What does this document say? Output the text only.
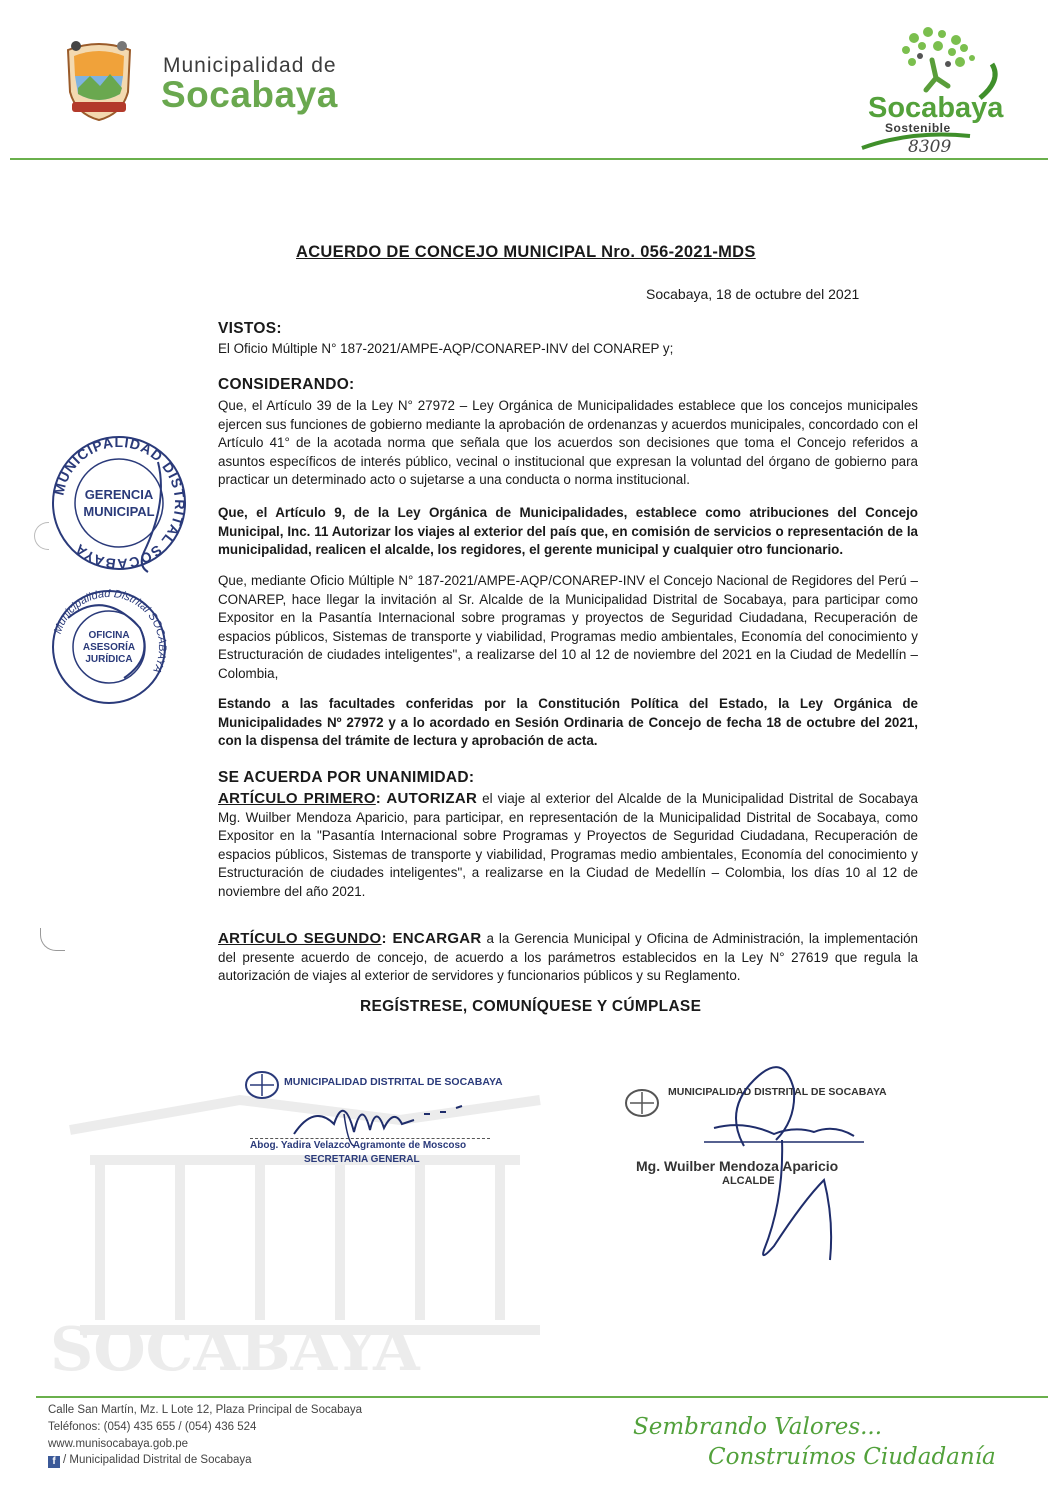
Municipalidad de
Socabaya	Socabaya
Sostenible
8309
SOCABAYA
ACUERDO DE CONCEJO MUNICIPAL Nro. 056-2021-MDS
Socabaya, 18 de octubre del 2021
VISTOS:
El Oficio Múltiple N° 187-2021/AMPE-AQP/CONAREP-INV del CONAREP y;
CONSIDERANDO:
Que, el Artículo 39 de la Ley N° 27972 – Ley Orgánica de Municipalidades establece que los concejos municipales ejercen sus funciones de gobierno mediante la aprobación de ordenanzas y acuerdos municipales, concordado con el Artículo 41° de la acotada norma que señala que los acuerdos son decisiones que toma el Concejo referidos a asuntos específicos de interés público, vecinal o institucional que expresan la voluntad del órgano de gobierno para practicar un determinado acto o sujetarse a una conducta o norma institucional.
Que, el Artículo 9, de la Ley Orgánica de Municipalidades, establece como atribuciones del Concejo Municipal, Inc. 11 Autorizar los viajes al exterior del país que, en comisión de servicios o representación de la municipalidad, realicen el alcalde, los regidores, el gerente municipal y cualquier otro funcionario.
Que, mediante Oficio Múltiple N° 187-2021/AMPE-AQP/CONAREP-INV el Concejo Nacional de Regidores del Perú – CONAREP, hace llegar la invitación al Sr. Alcalde de la Municipalidad Distrital de Socabaya, para participar como Expositor en la Pasantía Internacional sobre programas y proyectos de Seguridad Ciudadana, Recuperación de espacios públicos, Sistemas de transporte y viabilidad, Programas medio ambientales, Economía del conocimiento y Estructuración de ciudades inteligentes", a realizarse del 10 al 12 de noviembre del 2021 en la Ciudad de Medellín – Colombia,
Estando a las facultades conferidas por la Constitución Política del Estado, la Ley Orgánica de Municipalidades Nº 27972 y a lo acordado en Sesión Ordinaria de Concejo de fecha 18 de octubre del 2021, con la dispensa del trámite de lectura y aprobación de acta.
SE ACUERDA POR UNANIMIDAD:
ARTÍCULO PRIMERO: AUTORIZAR el viaje al exterior del Alcalde de la Municipalidad Distrital de Socabaya Mg. Wuilber Mendoza Aparicio, para participar, en representación de la Municipalidad Distrital de Socabaya, como Expositor en la "Pasantía Internacional sobre Programas y Proyectos de Seguridad Ciudadana, Recuperación de espacios públicos, Sistemas de transporte y viabilidad, Programas medio ambientales, Economía del conocimiento y Estructuración de ciudades inteligentes", a realizarse en la Ciudad de Medellín – Colombia, los días 10 al 12 de noviembre del año 2021.
ARTÍCULO SEGUNDO: ENCARGAR a la Gerencia Municipal y Oficina de Administración, la implementación del presente acuerdo de concejo, de acuerdo a los parámetros establecidos en la Ley N° 27619 que regula la autorización de viajes al exterior de servidores y funcionarios públicos y su Reglamento.
REGÍSTRESE, COMUNÍQUESE Y CÚMPLASE
MUNICIPALIDAD DISTRITAL SOCABAYA
GERENCIA
MUNICIPAL
Municipalidad Distrital SOCABAYA
OFICINA
ASESORÍA
JURÍDICA
MUNICIPALIDAD DISTRITAL DE SOCABAYA
Abog. Yadira Velazco Agramonte de Moscoso
SECRETARIA GENERAL
MUNICIPALIDAD DISTRITAL DE SOCABAYA
Mg. Wuilber Mendoza Aparicio
ALCALDE
Calle San Martín, Mz. L Lote 12, Plaza Principal de Socabaya
Teléfonos: (054) 435 655 / (054) 436 524
www.munisocabaya.gob.pe
f / Municipalidad Distrital de Socabaya
Sembrando Valores...
Construímos Ciudadanía
